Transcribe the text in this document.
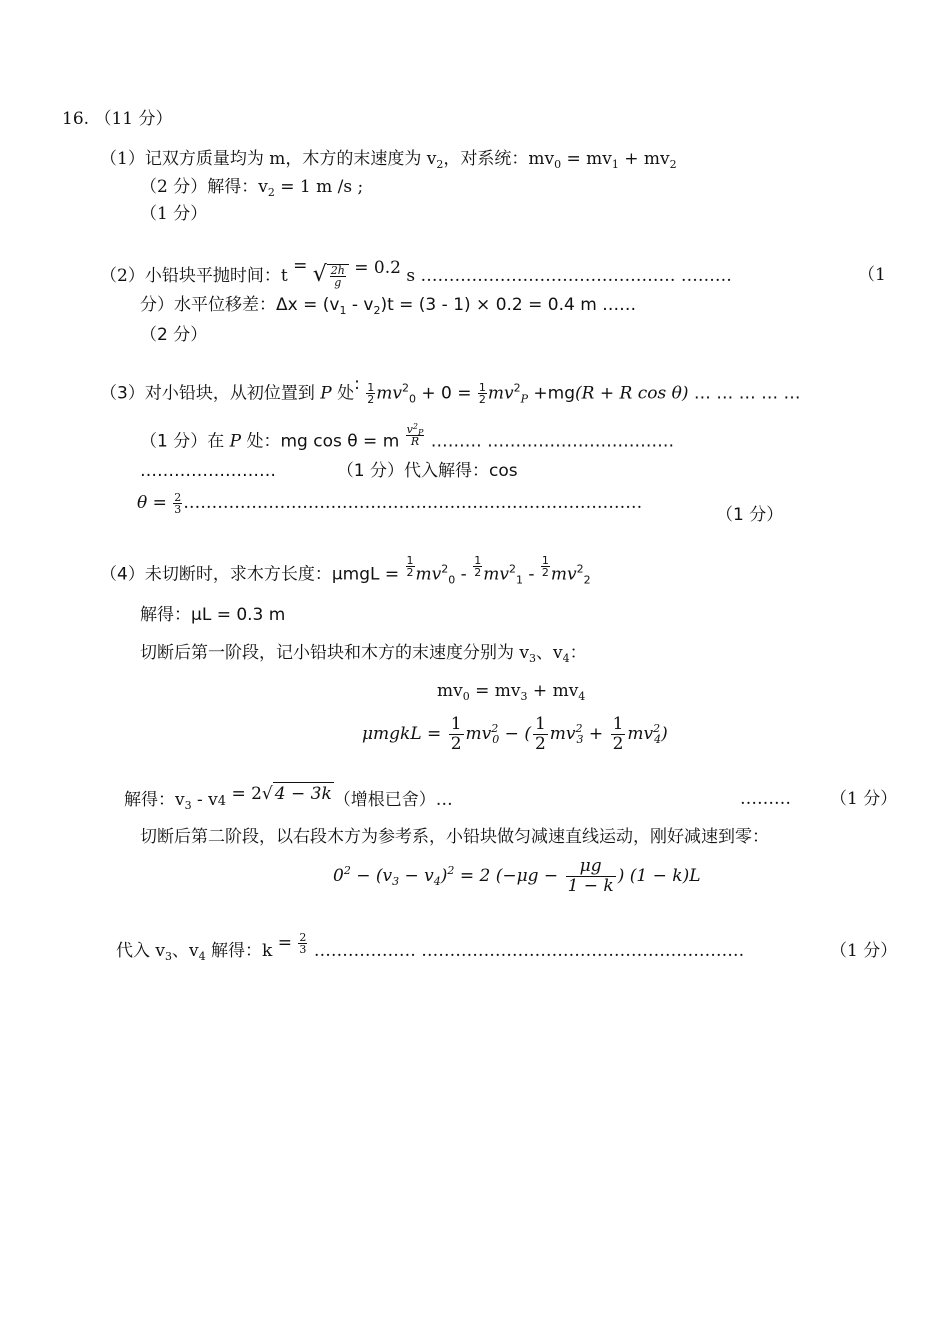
16. （11 分）
（1）记双方质量均为 m，木方的末速度为 $v_2$，对系统：$mv_0 = mv_1 + mv_2$
（2 分）解得：$v_2 = 1$ m /s ;
（1 分）
（2）小铅块平抛时间：t = √ $\frac{2h}{g} = 0.2$ s ……………………………………… ………	（1
分）水平位移差：$\Delta x = (v_1 - v_2)t = (3 - 1) \times 0.2 = 0.4$ m ……
（2 分）
（3）对小铅块，从初位置到 P 处: $\frac{1}{2} mv^2_0 + 0 = \frac{1}{2} mv^2_P +mg(R + R$ cos θ) … … … … …
（1 分）在 P 处：mg cos θ = m $\frac{v^2_P}{R}$ ……… ……………………………
……………………	（1 分）代入解得：cos
$\theta = \frac{2}{3}$ ………………………………………………………………………
（1 分）
（4）未切断时，求木方长度：$\mu mgL = \frac{1}{2} mv^2_0 - \frac{1}{2} mv^2_1 - \frac{1}{2} mv^2_2$
解得：μL = 0.3 m
切断后第一阶段，记小铅块和木方的末速度分别为 $v_3$、$v_4$：
$mv_0 = mv_3 + mv_4$
μmgkL = $\frac{1}{2} mv^2_0$ − ( $\frac{1}{2} mv^2_3 + \frac{1}{2} mv^2_4$)
解得：$v_3 - v4 = 2√$ 4 − 3k （增根已舍）…	……… （1 分）
切断后第二阶段，以右段木方为参考系，小铅块做匀减速直线运动，刚好减速到零：
$0^2 - (v_3 - v_4)^2 = 2$ ($-\mu g - \frac{\mu g}{1 - k}$ ) (1 − k)L
代入 $v_3$、$v_4$ 解得：$k = \frac{2}{3}$ ……………… …………………………………………………	（1 分）
